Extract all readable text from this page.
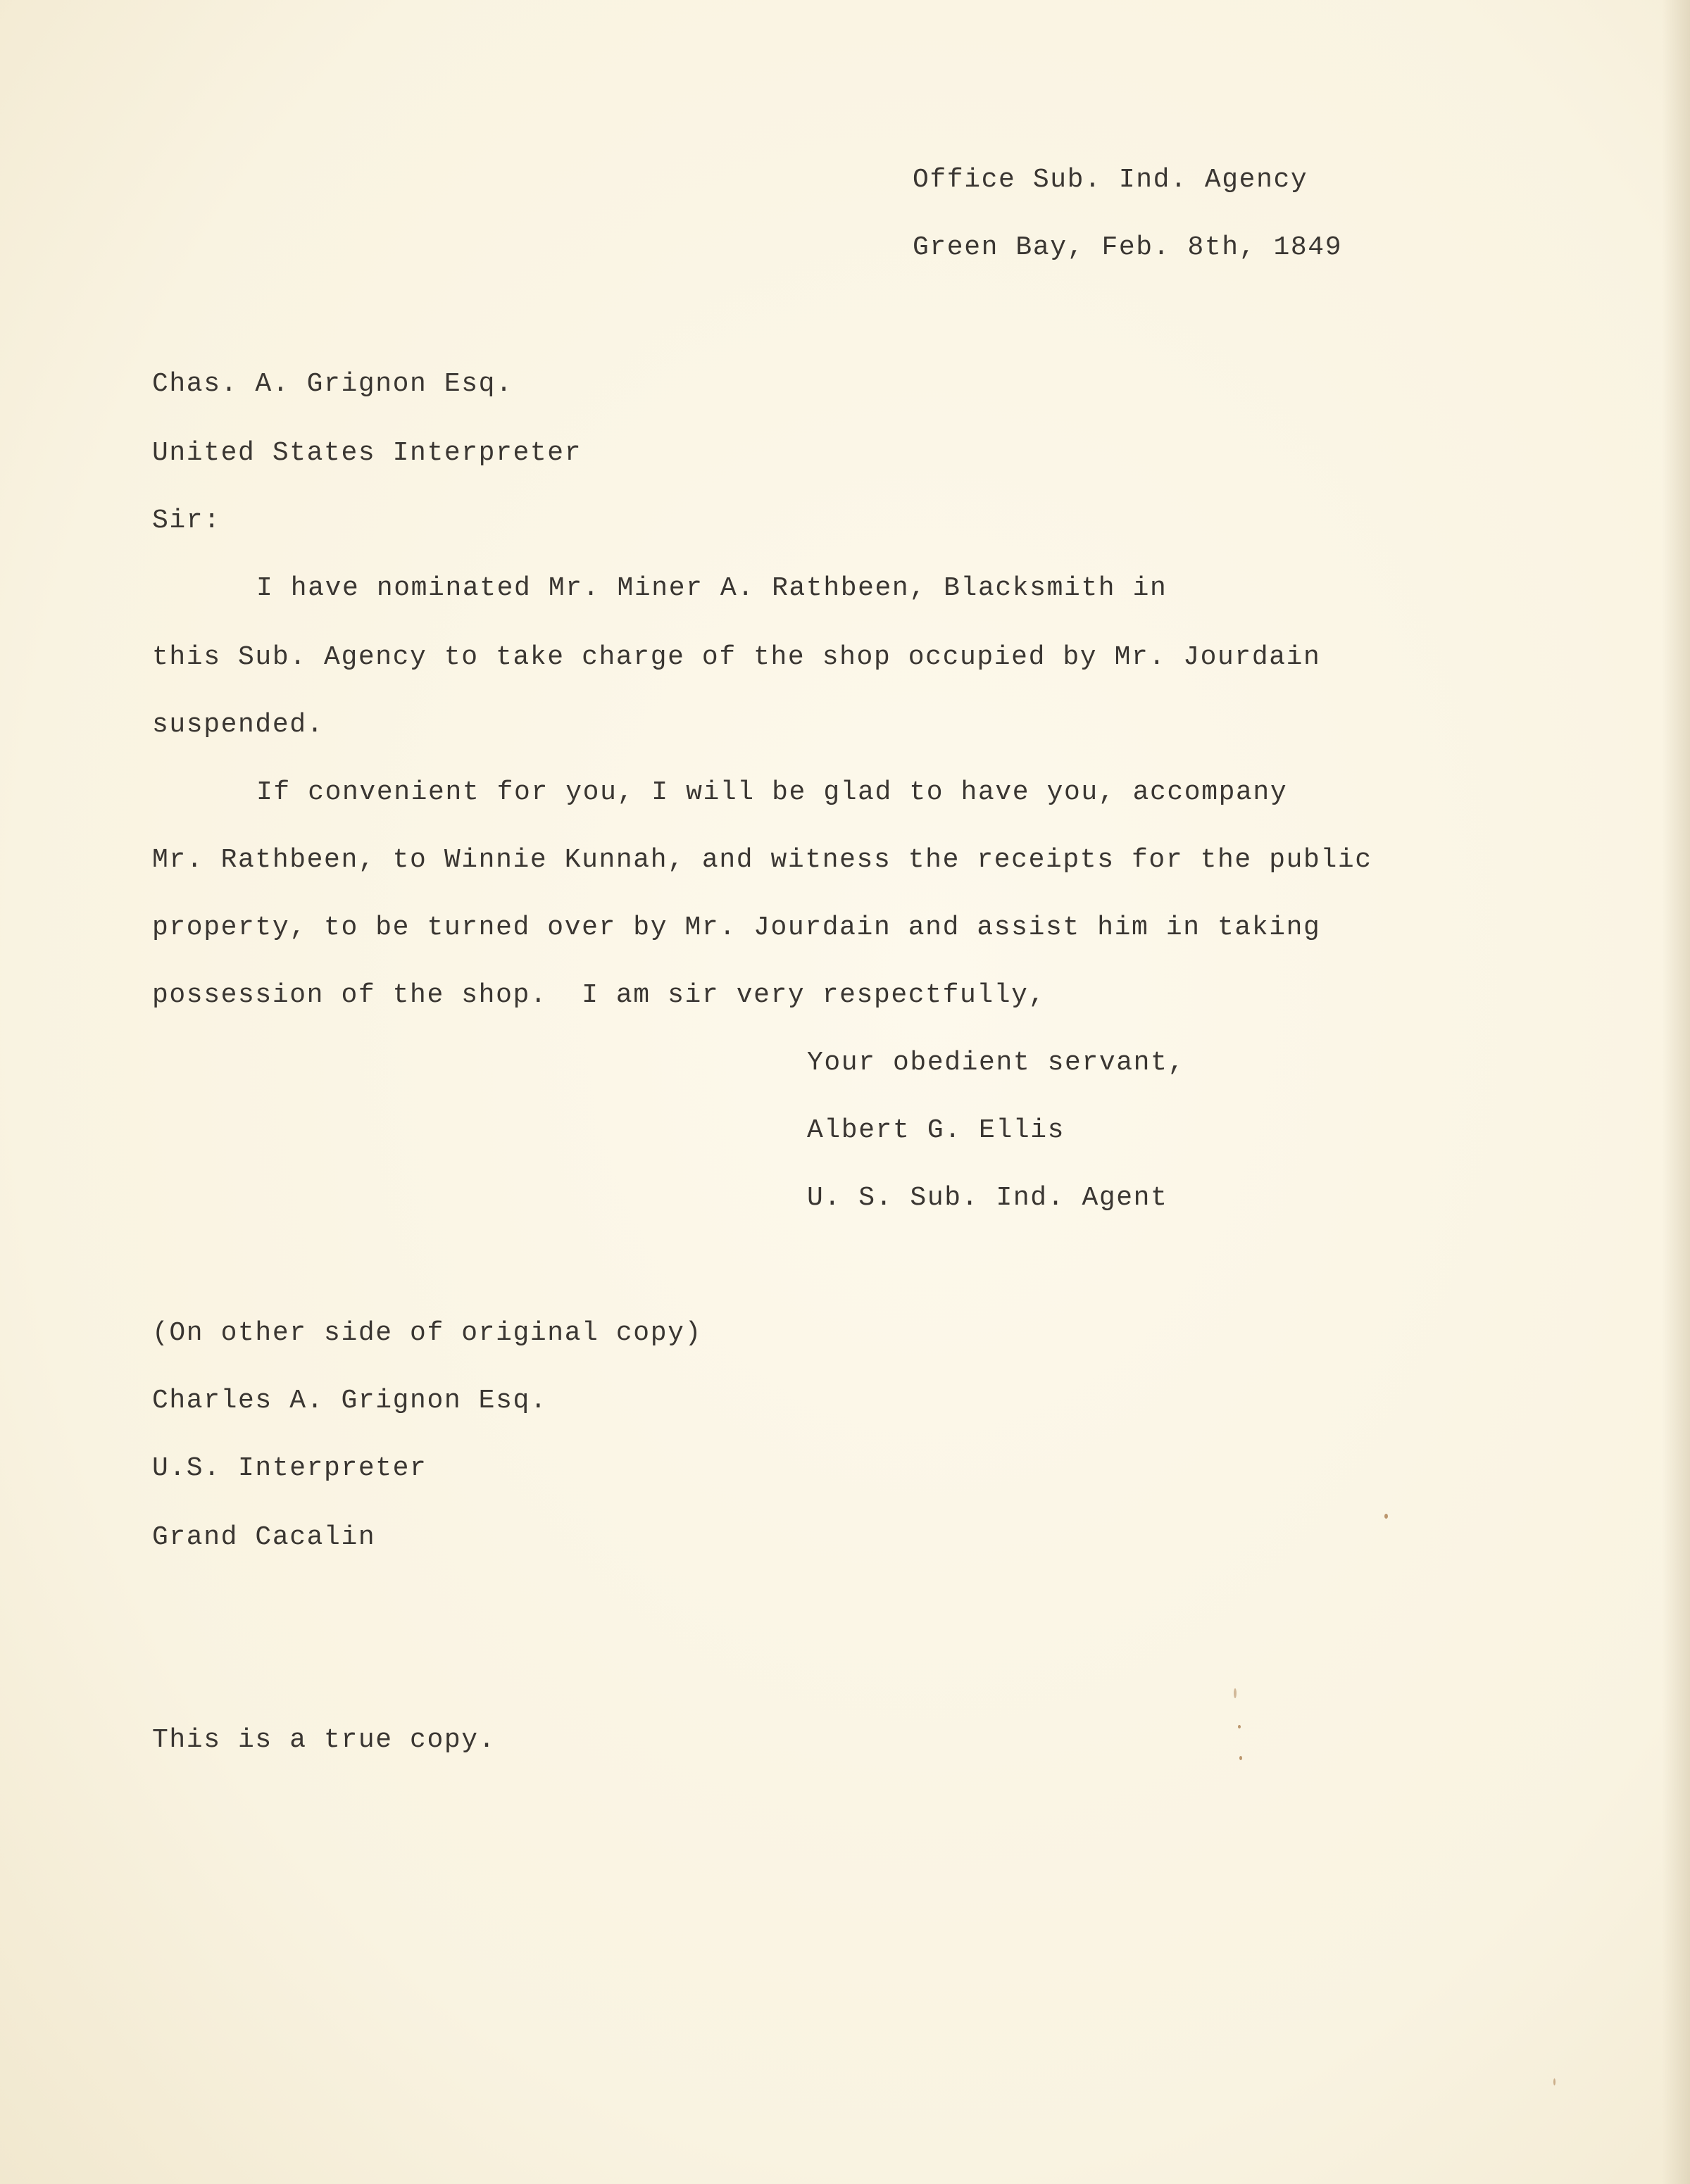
Office Sub. Ind. Agency
Green Bay, Feb. 8th, 1849
Chas. A. Grignon Esq.
United States Interpreter
Sir:
I have nominated Mr. Miner A. Rathbeen, Blacksmith in
this Sub. Agency to take charge of the shop occupied by Mr. Jourdain
suspended.
If convenient for you, I will be glad to have you, accompany
Mr. Rathbeen, to Winnie Kunnah, and witness the receipts for the public
property, to be turned over by Mr. Jourdain and assist him in taking
possession of the shop.  I am sir very respectfully,
Your obedient servant,
Albert G. Ellis
U. S. Sub. Ind. Agent
(On other side of original copy)
Charles A. Grignon Esq.
U.S. Interpreter
Grand Cacalin
This is a true copy.
